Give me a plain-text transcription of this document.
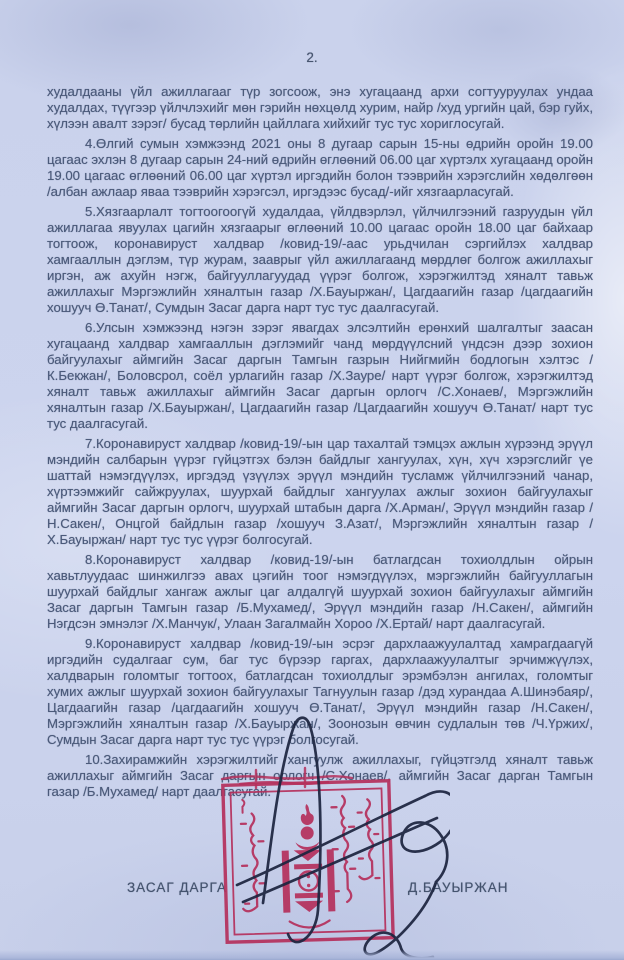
2.

худалдааны үйл ажиллагааг түр зогсоож, энэ хугацаанд архи согтууруулах ундаа худалдах, түүгээр үйлчлэхийг мөн гэрийн нөхцөлд хурим, найр /худ ургийн цай, бэр гуйх, хүлээн авалт зэрэг/ бусад төрлийн цайллага хийхийг тус тус хориглосугай.

4.Өлгий сумын хэмжээнд 2021 оны 8 дугаар сарын 15-ны өдрийн оройн 19.00 цагаас эхлэн 8 дугаар сарын 24-ний өдрийн өглөөний 06.00 цаг хүртэлх хугацаанд оройн 19.00 цагаас өглөөний 06.00 цаг хүртэл иргэдийн болон тээврийн хэрэгслийн хөдөлгөөн /албан ажлаар яваа тээврийн хэрэгсэл, иргэдээс бусад/-ийг хязгаарласугай.

5.Хязгаарлалт тогтоогоогүй худалдаа, үйлдвэрлэл, үйлчилгээний газруудын үйл ажиллагаа явуулах цагийн хязгаарыг өглөөний 10.00 цагаас оройн 18.00 цаг байхаар тогтоож, коронавируст халдвар /ковид-19/-аас урьдчилан сэргийлэх халдвар хамгааллын дэглэм, түр журам, зааврыг үйл ажиллагаанд мөрдлөг болгож ажиллахыг иргэн, аж ахуйн нэгж, байгууллагуудад үүрэг болгож, хэрэгжилтэд хяналт тавьж ажиллахыг Мэргэжлийн хяналтын газар /Х.Бауыржан/, Цагдаагийн газар /цагдаагийн хошууч Ө.Танат/, Сумдын Засаг дарга нарт тус тус даалгасугай.

6.Улсын хэмжээнд нэгэн зэрэг явагдах элсэлтийн ерөнхий шалгалтыг заасан хугацаанд халдвар хамгааллын дэглэмийг чанд мөрдүүлсний үндсэн дээр зохион байгуулахыг аймгийн Засаг даргын Тамгын газрын Нийгмийн бодлогын хэлтэс /К.Бекжан/, Боловсрол, соёл урлагийн газар /Х.Зауре/ нарт үүрэг болгож, хэрэгжилтэд хяналт тавьж ажиллахыг аймгийн Засаг даргын орлогч /С.Хонаев/, Мэргэжлийн хяналтын газар /Х.Бауыржан/, Цагдаагийн газар /Цагдаагийн хошууч Ө.Танат/ нарт тус тус даалгасугай.

7.Коронавируст халдвар /ковид-19/-ын цар тахалтай тэмцэх ажлын хүрээнд эрүүл мэндийн салбарын үүрэг гүйцэтгэх бэлэн байдлыг хангуулах, хүн, хүч хэрэгслийг үе шаттай нэмэгдүүлэх, иргэдэд үзүүлэх эрүүл мэндийн тусламж үйлчилгээний чанар, хүртээмжийг сайжруулах, шуурхай байдлыг хангуулах ажлыг зохион байгуулахыг аймгийн Засаг даргын орлогч, шуурхай штабын дарга /Х.Арман/, Эрүүл мэндийн газар /Н.Сакен/, Онцгой байдлын газар /хошууч З.Азат/, Мэргэжлийн хяналтын газар /Х.Бауыржан/ нарт тус тус үүрэг болгосугай.

8.Коронавируст халдвар /ковид-19/-ын батлагдсан тохиолдлын ойрын хавьтлуудаас шинжилгээ авах цэгийн тоог нэмэгдүүлэх, мэргэжлийн байгууллагын шуурхай байдлыг хангаж ажлыг цаг алдалгүй шуурхай зохион байгуулахыг аймгийн Засаг даргын Тамгын газар /Б.Мухамед/, Эрүүл мэндийн газар /Н.Сакен/, аймгийн Нэгдсэн эмнэлэг /Х.Манчук/, Улаан Загалмайн Хороо /Х.Ертай/ нарт даалгасугай.

9.Коронавируст халдвар /ковид-19/-ын эсрэг дархлаажуулалтад хамрагдаагүй иргэдийн судалгааг сум, баг тус бүрээр гаргах, дархлаажуулалтыг эрчимжүүлэх, халдварын голомтыг тогтоох, батлагдсан тохиолдлыг эрэмбэлэн ангилах, голомтыг хумих ажлыг шуурхай зохион байгуулахыг Тагнуулын газар /дэд хурандаа А.Шинэбаяр/, Цагдаагийн газар /цагдаагийн хошууч Ө.Танат/, Эрүүл мэндийн газар /Н.Сакен/, Мэргэжлийн хяналтын газар /Х.Бауыржан/, Зоонозын өвчин судлалын төв /Ч.Үржих/, Сумдын Засаг дарга нарт тус тус үүрэг болгосугай.

10.Захирамжийн хэрэгжилтийг хангуулж ажиллахыг, гүйцэтгэлд хяналт тавьж ажиллахыг аймгийн Засаг даргын орлогч /С.Хонаев/, аймгийн Засаг дарган Тамгын газар /Б.Мухамед/ нарт даалгасугай.

ЗАСАГ ДАРГА	Д.БАУЫРЖАН
